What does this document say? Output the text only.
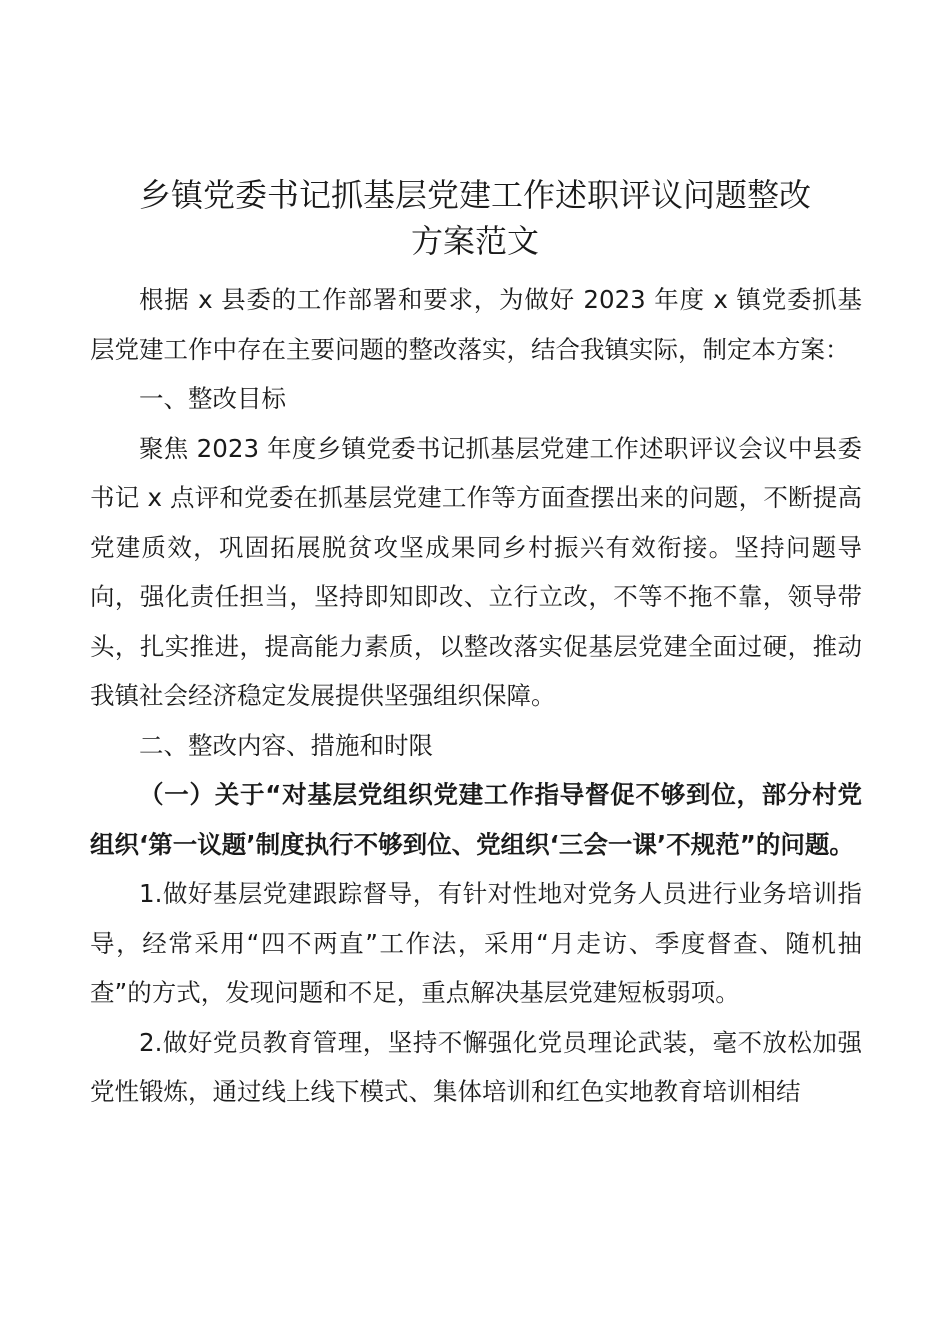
乡镇党委书记抓基层党建工作述职评议问题整改
方案范文

根据 x 县委的工作部署和要求，为做好 2023 年度 x 镇党委抓基层党建工作中存在主要问题的整改落实，结合我镇实际，制定本方案：

一、整改目标

聚焦 2023 年度乡镇党委书记抓基层党建工作述职评议会议中县委书记 x 点评和党委在抓基层党建工作等方面查摆出来的问题，不断提高党建质效，巩固拓展脱贫攻坚成果同乡村振兴有效衔接。坚持问题导向，强化责任担当，坚持即知即改、立行立改，不等不拖不靠，领导带头，扎实推进，提高能力素质，以整改落实促基层党建全面过硬，推动我镇社会经济稳定发展提供坚强组织保障。

二、整改内容、措施和时限

（一）关于“对基层党组织党建工作指导督促不够到位，部分村党组织‘第一议题’制度执行不够到位、党组织‘三会一课’不规范”的问题。

1.做好基层党建跟踪督导，有针对性地对党务人员进行业务培训指导，经常采用“四不两直”工作法，采用“月走访、季度督查、随机抽查”的方式，发现问题和不足，重点解决基层党建短板弱项。

2.做好党员教育管理，坚持不懈强化党员理论武装，毫不放松加强党性锻炼，通过线上线下模式、集体培训和红色实地教育培训相结
